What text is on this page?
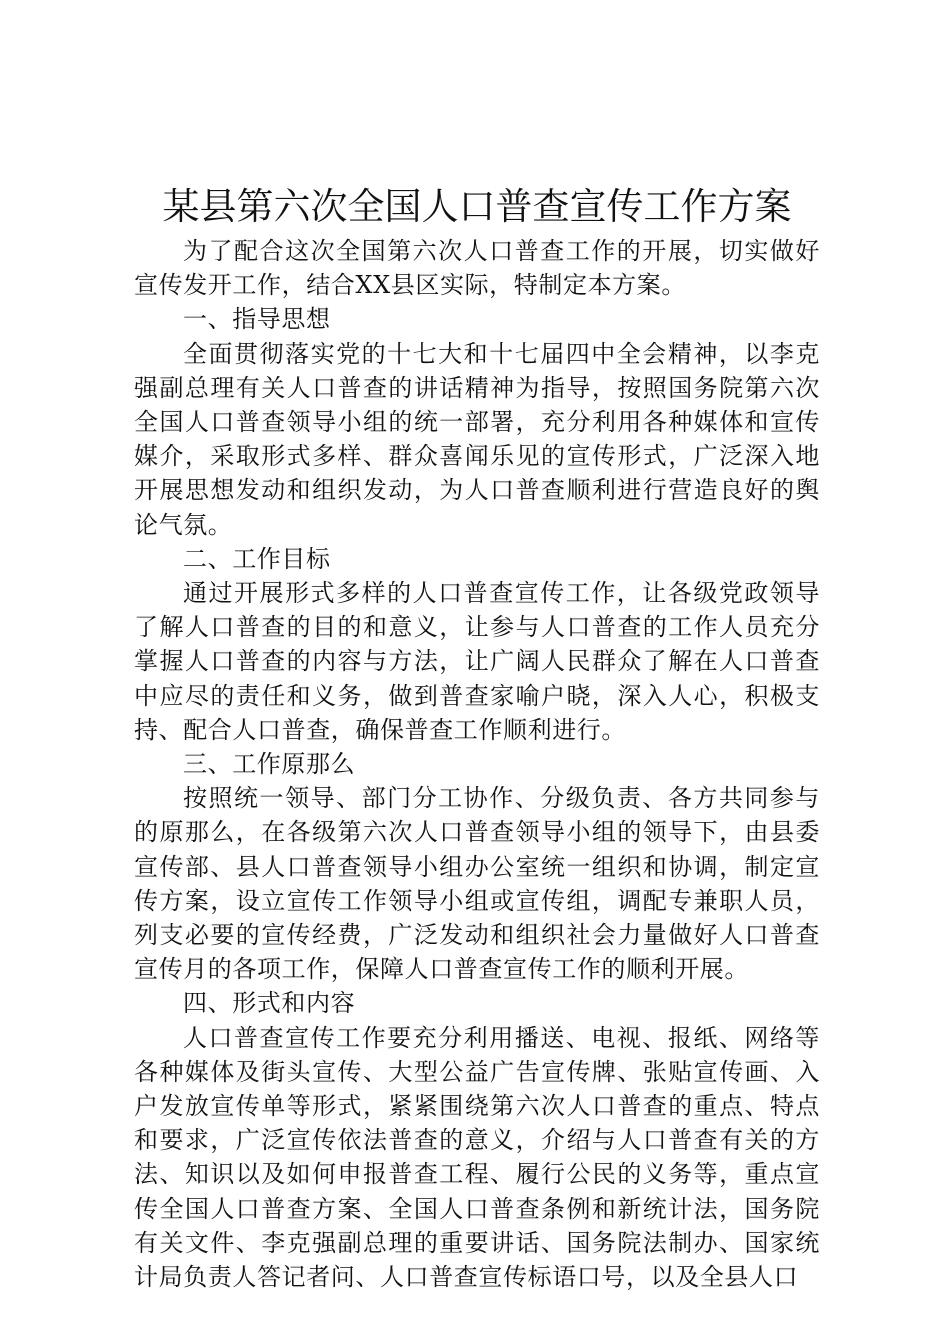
某县第六次全国人口普查宣传工作方案

为了配合这次全国第六次人口普查工作的开展，切实做好宣传发开工作，结合XX县区实际，特制定本方案。

一、指导思想

全面贯彻落实党的十七大和十七届四中全会精神，以李克强副总理有关人口普查的讲话精神为指导，按照国务院第六次全国人口普查领导小组的统一部署，充分利用各种媒体和宣传媒介，采取形式多样、群众喜闻乐见的宣传形式，广泛深入地开展思想发动和组织发动，为人口普查顺利进行营造良好的舆论气氛。

二、工作目标

通过开展形式多样的人口普查宣传工作，让各级党政领导了解人口普查的目的和意义，让参与人口普查的工作人员充分掌握人口普查的内容与方法，让广阔人民群众了解在人口普查中应尽的责任和义务，做到普查家喻户晓，深入人心，积极支持、配合人口普查，确保普查工作顺利进行。

三、工作原那么

按照统一领导、部门分工协作、分级负责、各方共同参与的原那么，在各级第六次人口普查领导小组的领导下，由县委宣传部、县人口普查领导小组办公室统一组织和协调，制定宣传方案，设立宣传工作领导小组或宣传组，调配专兼职人员，列支必要的宣传经费，广泛发动和组织社会力量做好人口普查宣传月的各项工作，保障人口普查宣传工作的顺利开展。

四、形式和内容

人口普查宣传工作要充分利用播送、电视、报纸、网络等各种媒体及街头宣传、大型公益广告宣传牌、张贴宣传画、入户发放宣传单等形式，紧紧围绕第六次人口普查的重点、特点和要求，广泛宣传依法普查的意义，介绍与人口普查有关的方法、知识以及如何申报普查工程、履行公民的义务等，重点宣传全国人口普查方案、全国人口普查条例和新统计法，国务院有关文件、李克强副总理的重要讲话、国务院法制办、国家统计局负责人答记者问、人口普查宣传标语口号，以及全县人口
